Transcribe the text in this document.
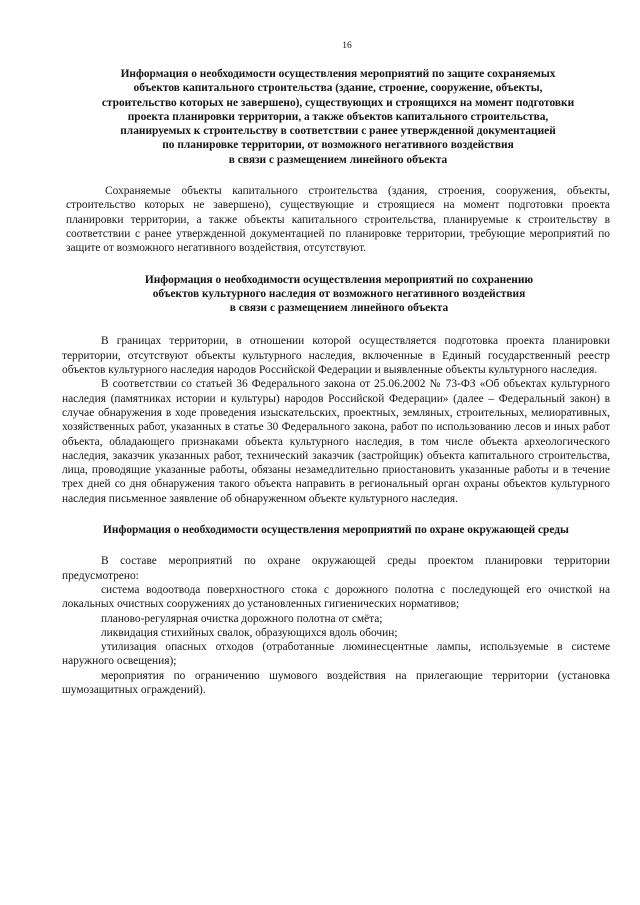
16
Информация о необходимости осуществления мероприятий по защите сохраняемых
объектов капитального строительства (здание, строение, сооружение, объекты,
строительство которых не завершено), существующих и строящихся на момент подготовки
проекта планировки территории, а также объектов капитального строительства,
планируемых к строительству в соответствии с ранее утвержденной документацией
по планировке территории, от возможного негативного воздействия
в связи с размещением линейного объекта

Сохраняемые объекты капитального строительства (здания, строения, сооружения, объекты, строительство которых не завершено), существующие и строящиеся на момент подготовки проекта планировки территории, а также объекты капитального строительства, планируемые к строительству в соответствии с ранее утвержденной документацией по планировке территории, требующие мероприятий по защите от возможного негативного воздействия, отсутствуют.

Информация о необходимости осуществления мероприятий по сохранению
объектов культурного наследия от возможного негативного воздействия
в связи с размещением линейного объекта

В границах территории, в отношении которой осуществляется подготовка проекта планировки территории, отсутствуют объекты культурного наследия, включенные в Единый государственный реестр объектов культурного наследия народов Российской Федерации и выявленные объекты культурного наследия.

В соответствии со статьей 36 Федерального закона от 25.06.2002 № 73-ФЗ «Об объектах культурного наследия (памятниках истории и культуры) народов Российской Федерации» (далее – Федеральный закон) в случае обнаружения в ходе проведения изыскательских, проектных, земляных, строительных, мелиоративных, хозяйственных работ, указанных в статье 30 Федерального закона, работ по использованию лесов и иных работ объекта, обладающего признаками объекта культурного наследия, в том числе объекта археологического наследия, заказчик указанных работ, технический заказчик (застройщик) объекта капитального строительства, лица, проводящие указанные работы, обязаны незамедлительно приостановить указанные работы и в течение трех дней со дня обнаружения такого объекта направить в региональный орган охраны объектов культурного наследия письменное заявление об обнаруженном объекте культурного наследия.

Информация о необходимости осуществления мероприятий по охране окружающей среды

В составе мероприятий по охране окружающей среды проектом планировки территории предусмотрено:

система водоотвода поверхностного стока с дорожного полотна с последующей его очисткой на локальных очистных сооружениях до установленных гигиенических нормативов;

планово-регулярная очистка дорожного полотна от смёта;

ликвидация стихийных свалок, образующихся вдоль обочин;

утилизация опасных отходов (отработанные люминесцентные лампы, используемые в системе наружного освещения);

мероприятия по ограничению шумового воздействия на прилегающие территории (установка шумозащитных ограждений).
